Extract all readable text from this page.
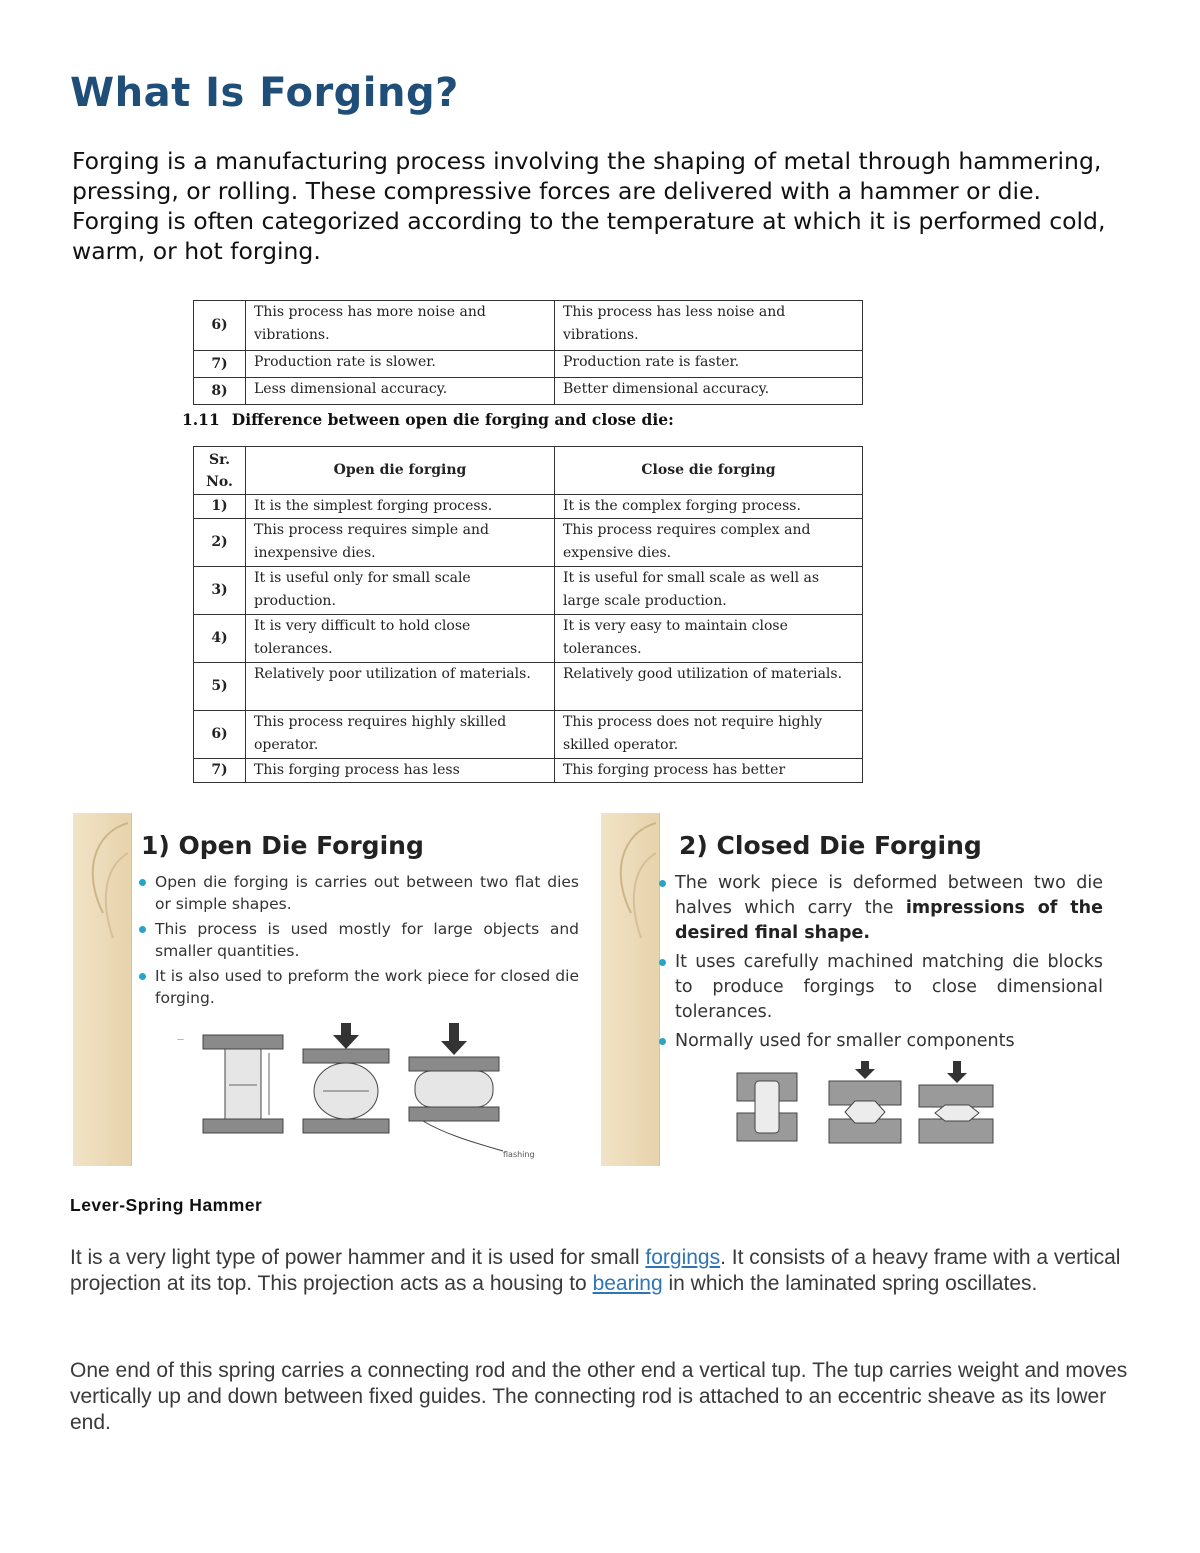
What Is Forging?

Forging is a manufacturing process involving the shaping of metal through hammering, pressing, or rolling. These compressive forces are delivered with a hammer or die. Forging is often categorized according to the temperature at which it is performed cold, warm, or hot forging.

6)	This process has more noise and vibrations.	This process has less noise and vibrations.
7)	Production rate is slower.	Production rate is faster.
8)	Less dimensional accuracy.	Better dimensional accuracy.

1.11 Difference between open die forging and close die:

Sr. No.	Open die forging	Close die forging
1)	It is the simplest forging process.	It is the complex forging process.
2)	This process requires simple and inexpensive dies.	This process requires complex and expensive dies.
3)	It is useful only for small scale production.	It is useful for small scale as well as large scale production.
4)	It is very difficult to hold close tolerances.	It is very easy to maintain close tolerances.
5)	Relatively poor utilization of materials.	Relatively good utilization of materials.
6)	This process requires highly skilled operator.	This process does not require highly skilled operator.
7)	This forging process has less	This forging process has better
1) Open Die Forging
Open die forging is carries out between two flat dies or simple shapes.
This process is used mostly for large objects and smaller quantities.
It is also used to preform the work piece for closed die forging.
—
flashing
2) Closed Die Forging
The work piece is deformed between two die halves which carry the impressions of the desired final shape.
It uses carefully machined matching die blocks to produce forgings to close dimensional tolerances.
Normally used for smaller components
Lever-Spring Hammer

It is a very light type of power hammer and it is used for small forgings. It consists of a heavy frame with a vertical projection at its top. This projection acts as a housing to bearing in which the laminated spring oscillates.

One end of this spring carries a connecting rod and the other end a vertical tup. The tup carries weight and moves vertically up and down between fixed guides. The connecting rod is attached to an eccentric sheave as its lower end.
